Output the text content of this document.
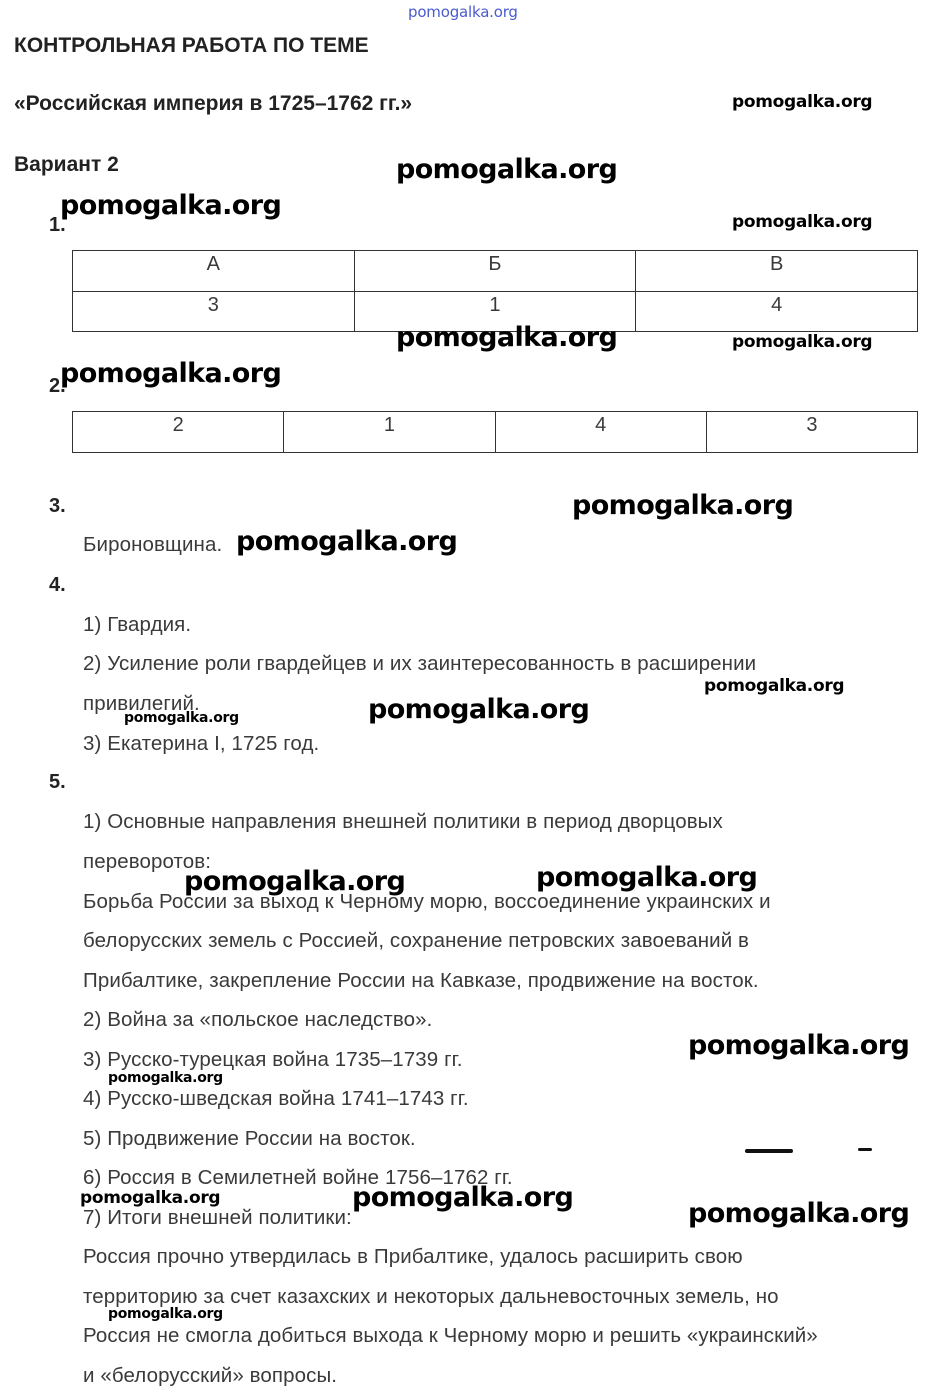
КОНТРОЛЬНАЯ РАБОТА ПО ТЕМЕ
«Российская империя в 1725–1762 гг.»
Вариант 2
1.
А	Б	В
3	1	4
2.
2	1	4	3
3.
Бироновщина.
4.
1) Гвардия.
2) Усиление роли гвардейцев и их заинтересованность в расширении
привилегий.
3) Екатерина I, 1725 год.
5.
1) Основные направления внешней политики в период дворцовых
переворотов:
Борьба России за выход к Черному морю, воссоединение украинских и
белорусских земель с Россией, сохранение петровских завоеваний в
Прибалтике, закрепление России на Кавказе, продвижение на восток.
2) Война за «польское наследство».
3) Русско-турецкая война 1735–1739 гг.
4) Русско-шведская война 1741–1743 гг.
5) Продвижение России на восток.
6) Россия в Семилетней войне 1756–1762 гг.
7) Итоги внешней политики:
Россия прочно утвердилась в Прибалтике, удалось расширить свою
территорию за счет казахских и некоторых дальневосточных земель, но
Россия не смогла добиться выхода к Черному морю и решить «украинский»
и «белорусский» вопросы.
pomogalka.org
pomogalka.org
pomogalka.org
pomogalka.org
pomogalka.org
pomogalka.org	pomogalka.org
pomogalka.org
pomogalka.org
pomogalka.org
pomogalka.org
pomogalka.org
pomogalka.org
pomogalka.org	pomogalka.org
pomogalka.org
pomogalka.org
pomogalka.org	pomogalka.org
pomogalka.org
pomogalka.org
